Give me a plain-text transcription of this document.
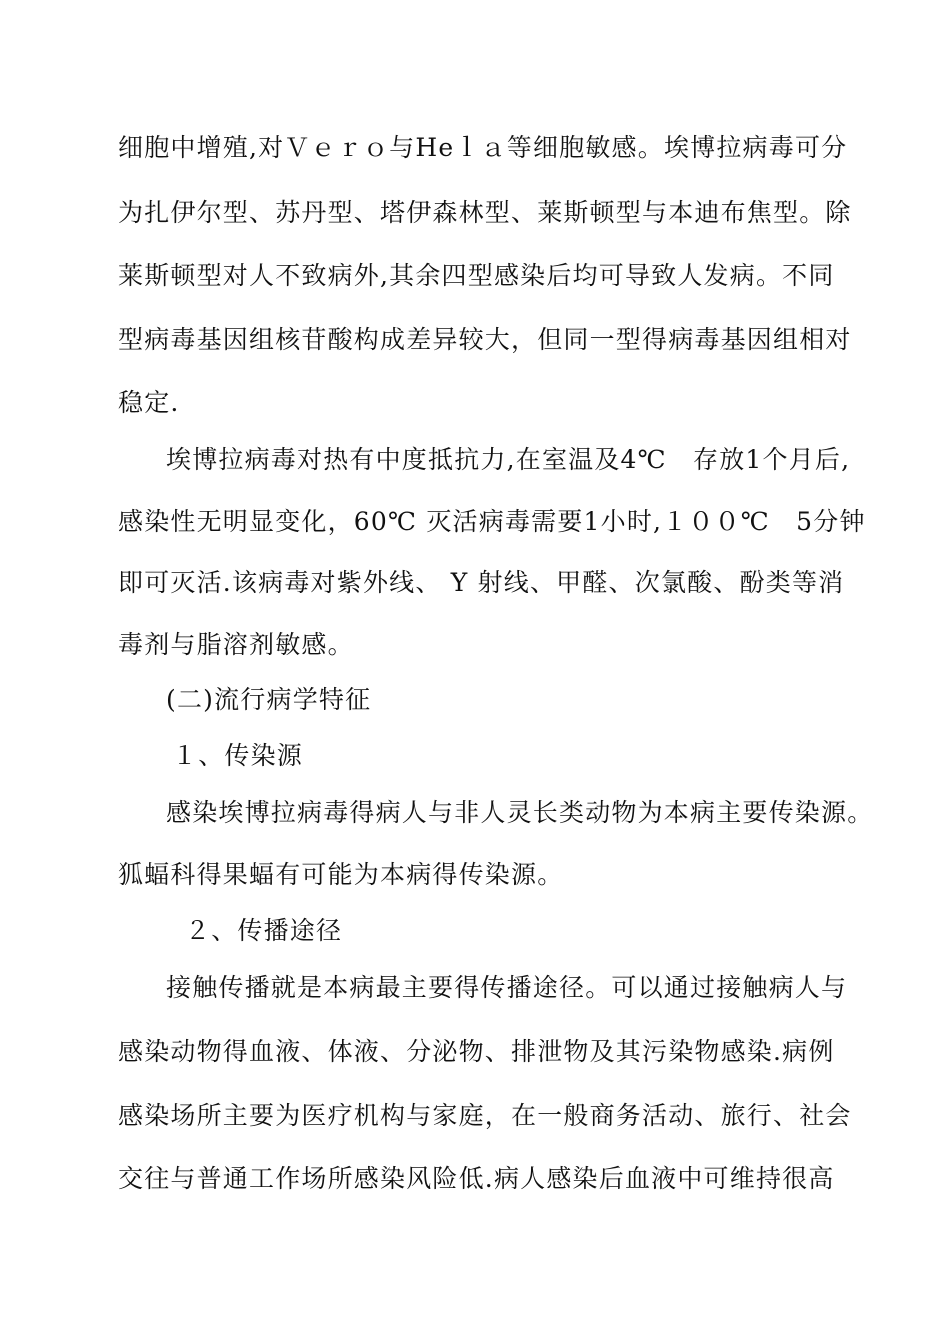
细胞中增殖,对Ｖｅｒｏ与Heｌａ等细胞敏感。埃博拉病毒可分
为扎伊尔型、苏丹型、塔伊森林型、莱斯顿型与本迪布焦型。除
莱斯顿型对人不致病外,其余四型感染后均可导致人发病。不同
型病毒基因组核苷酸构成差异较大，但同一型得病毒基因组相对
稳定.
埃博拉病毒对热有中度抵抗力,在室温及4℃　存放1个月后,
感染性无明显变化，60℃ 灭活病毒需要1小时,１００℃　5分钟
即可灭活.该病毒对紫外线、 Υ 射线、甲醛、次氯酸、酚类等消
毒剂与脂溶剂敏感。
(二)流行病学特征
１、传染源
感染埃博拉病毒得病人与非人灵长类动物为本病主要传染源。
狐蝠科得果蝠有可能为本病得传染源。
２、传播途径
接触传播就是本病最主要得传播途径。可以通过接触病人与
感染动物得血液、体液、分泌物、排泄物及其污染物感染.病例
感染场所主要为医疗机构与家庭，在一般商务活动、旅行、社会
交往与普通工作场所感染风险低.病人感染后血液中可维持很高
